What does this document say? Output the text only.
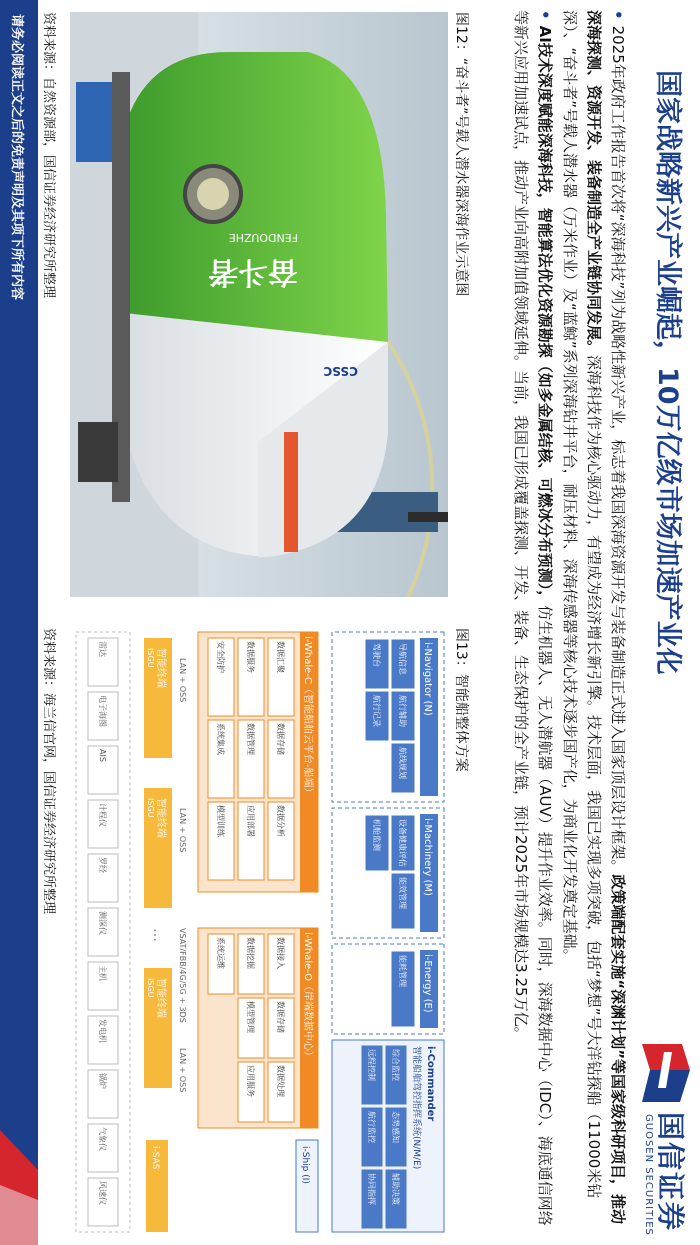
国信证券
GUOSEN SECURITIES
国家战略新兴产业崛起，10万亿级市场加速产业化
•2025年政府工作报告首次将“深海科技”列为战略性新兴产业，标志着我国深海资源开发与装备制造正式进入国家顶层设计框架。政策端配套实施“深渊计划”等国家级科研项目，推动深海探测、资源开发、装备制造全产业链协同发展。深海科技作为核心驱动力，有望成为经济增长新引擎。技术层面，我国已实现多项突破，包括“梦想”号大洋钻探船（11000米钻深）、“奋斗者”号载人潜水器（万米作业）及“蓝鲸”系列深海钻井平台，耐压材料、深海传感器等核心技术逐步国产化，为商业化开发奠定基础。
•AI技术深度赋能深海科技，智能算法优化资源勘探（如多金属结核、可燃冰分布预测），仿生机器人、无人潜航器（AUV）提升作业效率。同时，深海数据中心（IDC）、海底通信网络等新兴应用加速试点，推动产业向高附加值领域延伸。当前，我国已形成覆盖探测、开发、装备、生态保护的全产业链，预计2025年市场规模达3.25万亿。
图12：“奋斗者”号载人潜水器深海作业示意图
图13：智能船整体方案
奋斗者
FENDOUZHE
CSSC
i-Navigator (N)
导航信息
航行辅助
航线规划
驾驶台
航行记录
i-Machinery (M)
设备健康评估
能效管理
机舱监测
i-Energy (E)
能耗管理
i-Commander
智能船舶驾控指挥系统(N/M/E)
综合监控
态势感知
辅助决策
远程控制
航行监控
协同指挥
i-Whale-C（智能船舶云平台-船端）
数据汇聚
数据存储
数据分析
数据服务
数据管理
应用部署
安全防护
系统集成
模型训练
i-Whale-O（岸端数据中心）
数据接入
数据存储
数据处理
数据挖掘
模型管理
应用服务
系统运维
LAN + OSS
LAN + OSS
LAN + OSS
VSAT/FBB/4G/5G + 3DS
智能终端
ISGU
智能终端
ISGU
…
智能终端
ISGU
i-Ship (I)
i-SAS
雷达
电子海图
AIS
计程仪
罗经
测深仪
主机
发电机
锅炉
气象仪
风速仪
资料来源：自然资源部，国信证券经济研究所整理
资料来源：海兰信官网，国信证券经济研究所整理
请务必阅读正文之后的免责声明及其项下所有内容
